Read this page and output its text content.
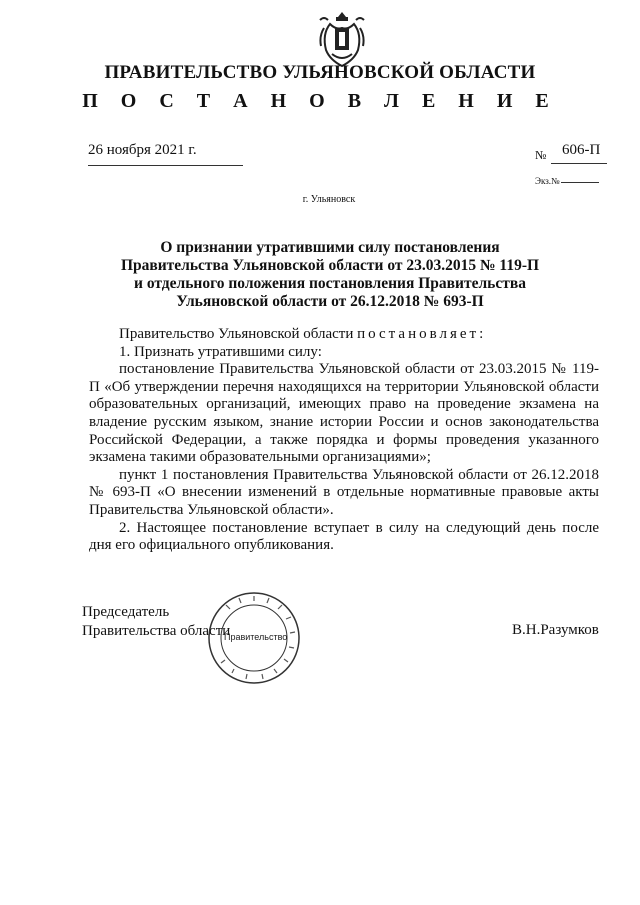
ПРАВИТЕЛЬСТВО УЛЬЯНОВСКОЙ ОБЛАСТИ
П О С Т А Н О В Л Е Н И Е
26 ноября 2021 г.	№ 606-П
Экз.№
г. Ульяновск
О признании утратившими силу постановления
Правительства Ульяновской области от 23.03.2015 № 119-П
и отдельного положения постановления Правительства
Ульяновской области от 26.12.2018 № 693-П

Правительство Ульяновской области постановляет:

1. Признать утратившими силу:

постановление Правительства Ульяновской области от 23.03.2015 № 119-П «Об утверждении перечня находящихся на территории Ульяновской области образовательных организаций, имеющих право на проведение экзамена на владение русским языком, знание истории России и основ законодательства Российской Федерации, а также порядка и формы проведения указанного экзамена такими образовательными организациями»;

пункт 1 постановления Правительства Ульяновской области от 26.12.2018 № 693-П «О внесении изменений в отдельные нормативные правовые акты Правительства Ульяновской области».

2. Настоящее постановление вступает в силу на следующий день после дня его официального опубликования.

Председатель
Правительства области	В.Н.Разумков
Правительство
